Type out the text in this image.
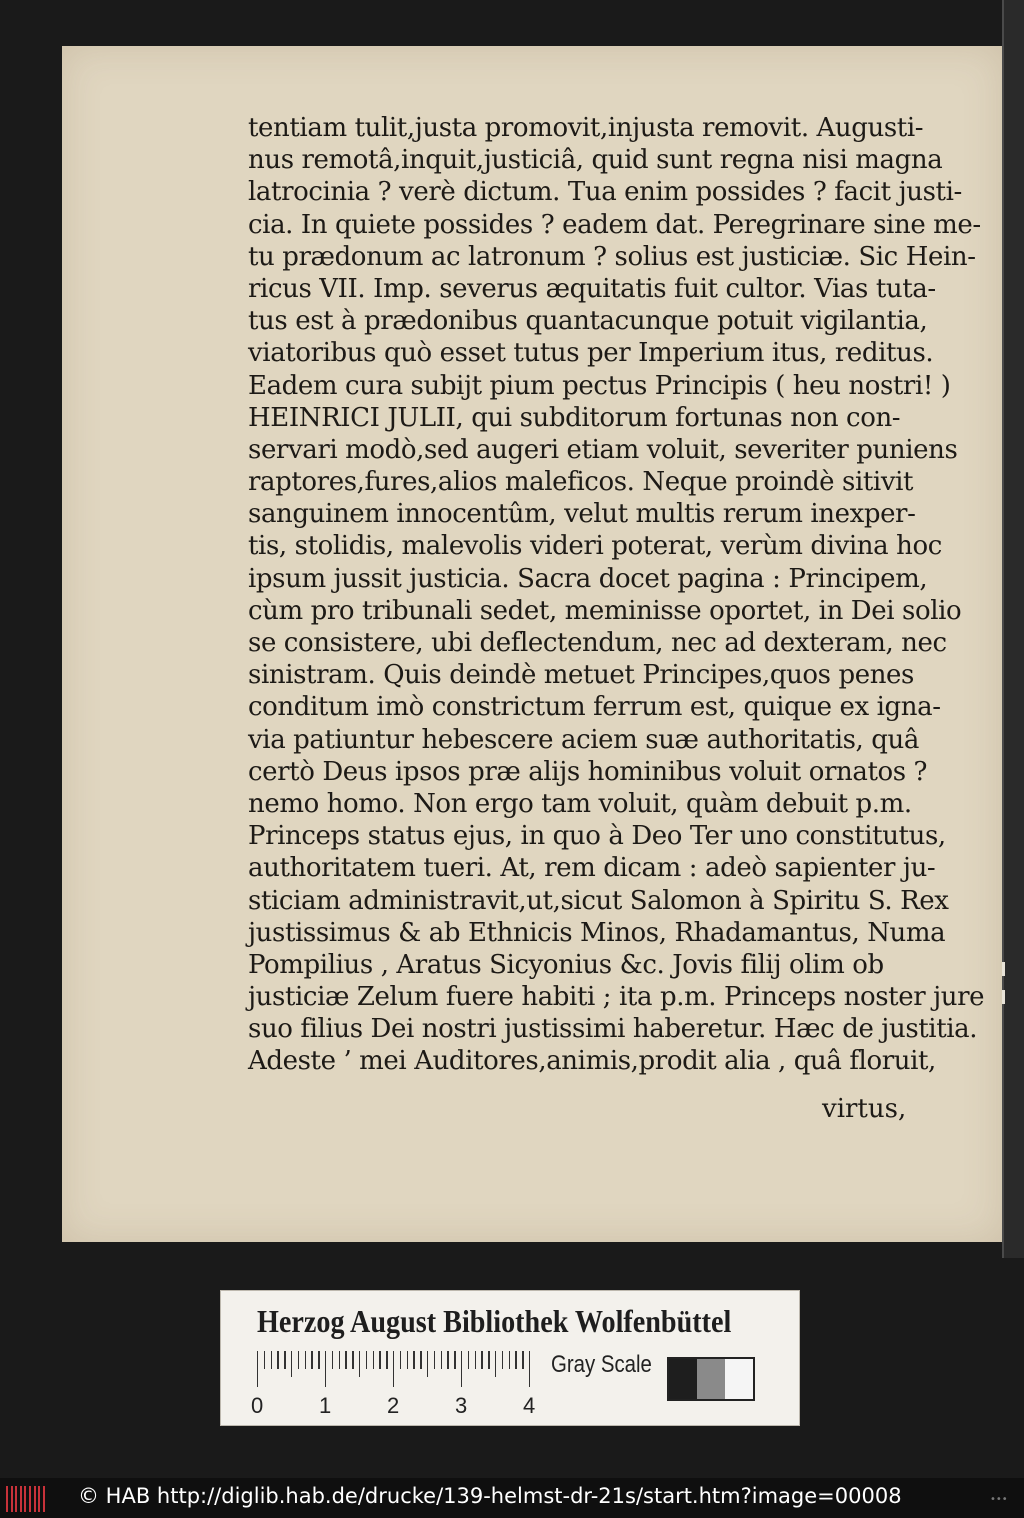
tentiam tulit,justa promovit,injusta removit. Augusti-
nus remotâ,inquit,justiciâ, quid sunt regna nisi magna
latrocinia ? verè dictum. Tua enim possides ? facit justi-
cia. In quiete possides ? eadem dat. Peregrinare sine me-
tu prædonum ac latronum ? solius est justiciæ. Sic Hein-
ricus VII. Imp. severus æquitatis fuit cultor. Vias tuta-
tus est à prædonibus quantacunque potuit vigilantia,
viatoribus quò esset tutus per Imperium itus, reditus.
Eadem cura subijt pium pectus Principis ( heu nostri! )
HEINRICI JULII, qui subditorum fortunas non con-
servari modò,sed augeri etiam voluit, severiter puniens
raptores,fures,alios maleficos. Neque proindè sitivit
sanguinem innocentûm, velut multis rerum inexper-
tis, stolidis, malevolis videri poterat, verùm divina hoc
ipsum jussit justicia. Sacra docet pagina : Principem,
cùm pro tribunali sedet, meminisse oportet, in Dei solio
se consistere, ubi deflectendum, nec ad dexteram, nec
sinistram. Quis deindè metuet Principes,quos penes
conditum imò constrictum ferrum est, quique ex igna-
via patiuntur hebescere aciem suæ authoritatis, quâ
certò Deus ipsos præ alijs hominibus voluit ornatos ?
nemo homo. Non ergo tam voluit, quàm debuit p.m.
Princeps status ejus, in quo à Deo Ter uno constitutus,
authoritatem tueri. At, rem dicam : adeò sapienter ju-
sticiam administravit,ut,sicut Salomon à Spiritu S. Rex
justissimus & ab Ethnicis Minos, Rhadamantus, Numa
Pompilius , Aratus Sicyonius &c. Jovis filij olim ob
justiciæ Zelum fuere habiti ; ita p.m. Princeps noster jure
suo filius Dei nostri justissimi haberetur. Hæc de justitia.
Adeste ’ mei Auditores,animis,prodit alia , quâ floruit,
virtus,
Herzog August Bibliothek Wolfenbüttel
0	1	2	3	4
Gray Scale
© HAB http://diglib.hab.de/drucke/139-helmst-dr-21s/start.htm?image=00008	•••
